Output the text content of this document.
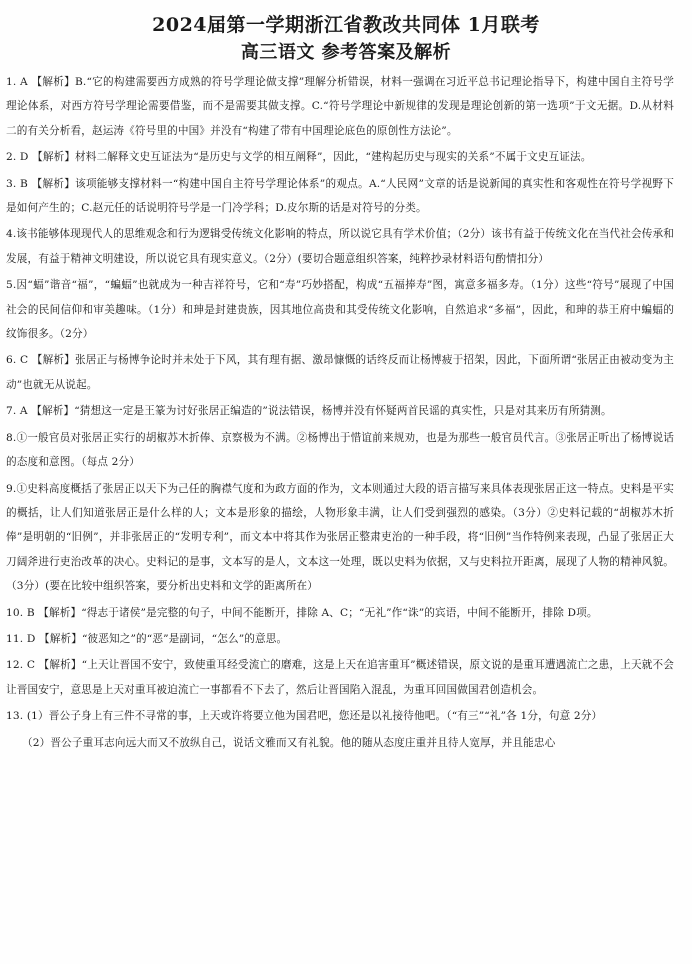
2024届第一学期浙江省教改共同体 1月联考
高三语文 参考答案及解析
1. A 【解析】B.“它的构建需要西方成熟的符号学理论做支撑”理解分析错误，材料一强调在习近平总书记理论指导下，构建中国自主符号学理论体系，对西方符号学理论需要借鉴，而不是需要其做支撑。C.“符号学理论中新规律的发现是理论创新的第一选项”于文无据。D.从材料二的有关分析看，赵运涛《符号里的中国》并没有“构建了带有中国理论底色的原创性方法论”。
2. D 【解析】材料二解释文史互证法为“是历史与文学的相互阐释”，因此，“建构起历史与现实的关系”不属于文史互证法。
3. B 【解析】该项能够支撑材料一“构建中国自主符号学理论体系”的观点。A.“人民网”文章的话是说新闻的真实性和客观性在符号学视野下是如何产生的；C.赵元任的话说明符号学是一门冷学科；D.皮尔斯的话是对符号的分类。
4.该书能够体现现代人的思维观念和行为逻辑受传统文化影响的特点，所以说它具有学术价值；（2分）该书有益于传统文化在当代社会传承和发展，有益于精神文明建设，所以说它具有现实意义。（2分）(要切合题意组织答案，纯粹抄录材料语句酌情扣分）
5.因“蝠”谐音“福”，“蝙蝠”也就成为一种吉祥符号，它和“寿”巧妙搭配，构成“五福捧寿”图，寓意多福多寿。（1分）这些“符号”展现了中国社会的民间信仰和审美趣味。（1分）和珅是封建贵族，因其地位高贵和其受传统文化影响，自然追求“多福”，因此，和珅的恭王府中蝙蝠的纹饰很多。（2分）
6. C 【解析】张居正与杨博争论时并未处于下风，其有理有据、激昂慷慨的话终反而让杨博疲于招架，因此，下面所谓“张居正由被动变为主动”也就无从说起。
7. A 【解析】“猜想这一定是王篆为讨好张居正编造的”说法错误，杨博并没有怀疑两首民谣的真实性，只是对其来历有所猜测。
8.①一般官员对张居正实行的胡椒苏木折俸、京察极为不满。②杨博出于惜谊前来规劝，也是为那些一般官员代言。③张居正听出了杨博说话的态度和意图。（每点 2分）
9.①史料高度概括了张居正以天下为己任的胸襟气度和为政方面的作为，文本则通过大段的语言描写来具体表现张居正这一特点。史料是平实的概括，让人们知道张居正是什么样的人；文本是形象的描绘，人物形象丰满，让人们受到强烈的感染。（3分）②史料记载的“胡椒苏木折俸”是明朝的“旧例”，并非张居正的“发明专利”，而文本中将其作为张居正整肃吏治的一种手段，将“旧例”当作特例来表现，凸显了张居正大刀阔斧进行吏治改革的决心。史料记的是事，文本写的是人，文本这一处理，既以史料为依据，又与史料拉开距离，展现了人物的精神风貌。（3分）(要在比较中组织答案，要分析出史料和文学的距离所在）
10. B 【解析】“得志于诸侯”是完整的句子，中间不能断开，排除 A、C；“无礼”作“诛”的宾语，中间不能断开，排除 D项。
11. D 【解析】“彼恶知之”的“恶”是副词，“怎么”的意思。
12. C 【解析】“上天让晋国不安宁，致使重耳经受流亡的磨难，这是上天在追害重耳”概述错误，原文说的是重耳遭遇流亡之患，上天就不会让晋国安宁，意思是上天对重耳被迫流亡一事都看不下去了，然后让晋国陷入混乱，为重耳回国做国君创造机会。
13. (1）晋公子身上有三件不寻常的事，上天或许将要立他为国君吧，您还是以礼接待他吧。（“有三”“礼”各 1分，句意 2分）
（2）晋公子重耳志向远大而又不放纵自己，说话文雅而又有礼貌。他的随从态度庄重并且待人宽厚，并且能忠心
